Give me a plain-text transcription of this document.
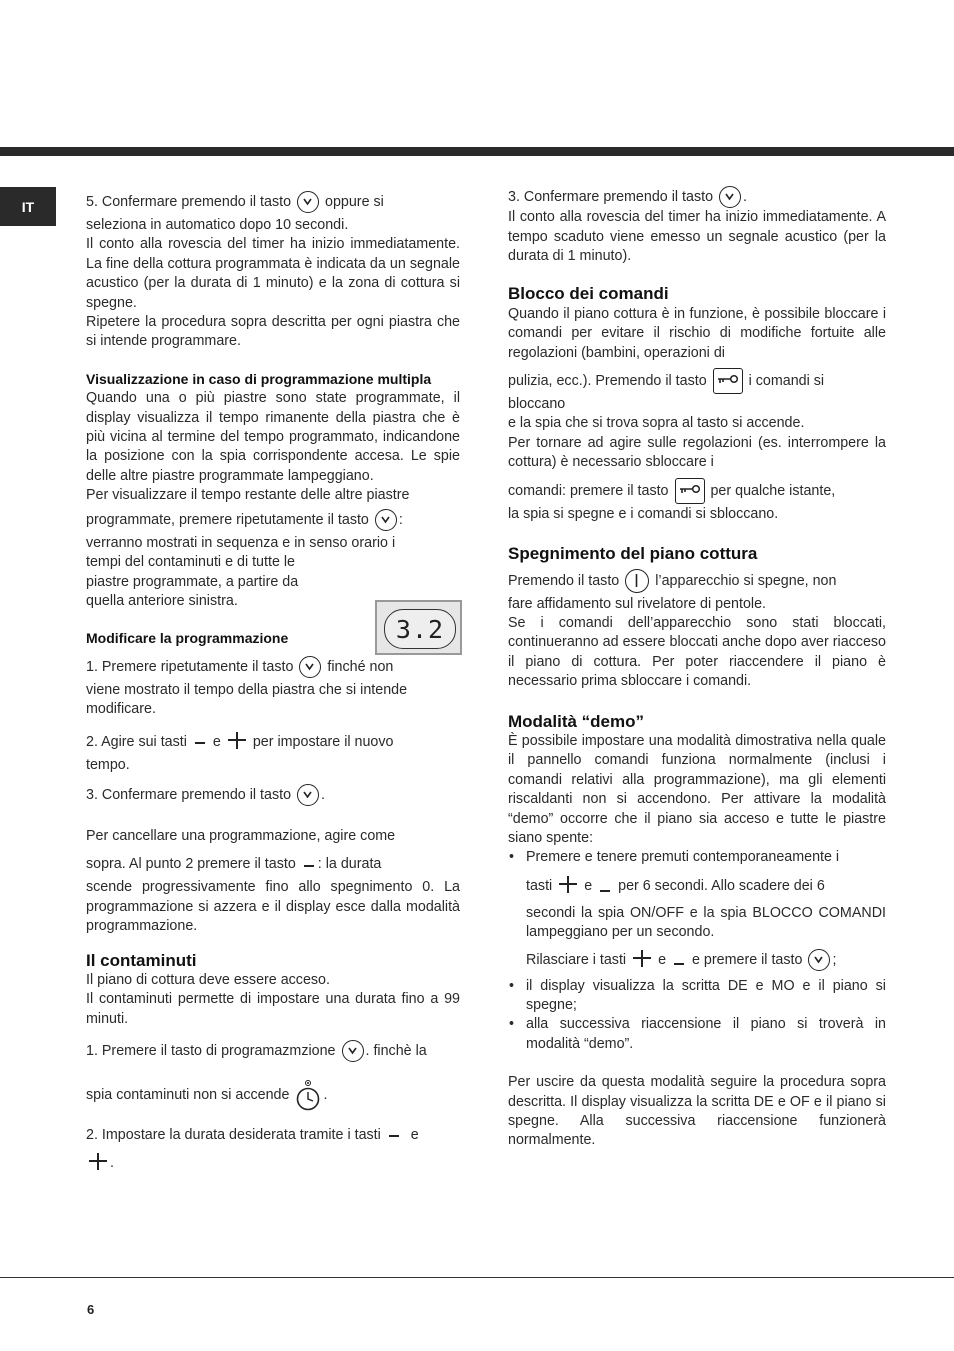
IT	5. Confermare premendo il tasto oppure si

seleziona in automatico dopo 10 secondi.

Il conto alla rovescia del timer ha inizio immediatamente. La fine della cottura programmata è indicata da un segnale acustico (per la durata di 1 minuto) e la zona di cottura si spegne.

Ripetere la procedura sopra descritta per ogni piastra che si intende programmare.

Visualizzazione in caso di programmazione multipla

Quando una o più piastre sono state programmate, il display visualizza il tempo rimanente della piastra che è più vicina al termine del tempo programmato, indicandone la posizione con la spia corrispondente accesa. Le spie delle altre piastre programmate lampeggiano.

Per visualizzare il tempo restante delle altre piastre

programmate, premere ripetutamente il tasto :

verranno mostrati in sequenza e in senso orario i

tempi del contaminuti e di tutte le piastre programmate, a partire da quella anteriore sinistra.

Modificare la programmazione

1. Premere ripetutamente il tasto finché non

viene mostrato il tempo della piastra che si intende modificare.

2. Agire sui tasti e per impostare il nuovo

tempo.

3. Confermare premendo il tasto .

Per cancellare una programmazione, agire come

sopra. Al punto 2 premere il tasto : la durata

scende progressivamente fino allo spegnimento 0. La programmazione si azzera e il display esce dalla modalità programmazione.

Il contaminuti

Il piano di cottura deve essere acceso.

Il contaminuti permette di impostare una durata fino a 99 minuti.

1. Premere il tasto di programazmzione . finchè la

spia contaminuti non si accende .

2. Impostare la durata desiderata tramite i tasti e

.

3.2

3. Confermare premendo il tasto .

Il conto alla rovescia del timer ha inizio immediatamente. A tempo scaduto viene emesso un segnale acustico (per la durata di 1 minuto).

Blocco dei comandi

Quando il piano cottura è in funzione, è possibile bloccare i comandi per evitare il rischio di modifiche fortuite alle regolazioni (bambini, operazioni di

pulizia, ecc.). Premendo il tasto	i comandi si

bloccano

e la spia che si trova sopra al tasto si accende.

Per tornare ad agire sulle regolazioni (es. interrompere la cottura) è necessario sbloccare i

comandi: premere il tasto	per qualche istante,

la spia si spegne e i comandi si sbloccano.

Spegnimento del piano cottura

Premendo il tasto	l’apparecchio si spegne, non

fare affidamento sul rivelatore di pentole.

Se i comandi dell’apparecchio sono stati bloccati, continueranno ad essere bloccati anche dopo aver riacceso il piano di cottura. Per poter riaccendere il piano è necessario prima sbloccare i comandi.

Modalità “demo”

È possibile impostare una modalità dimostrativa nella quale il pannello comandi funziona normalmente (inclusi i comandi relativi alla programmazione), ma gli elementi riscaldanti non si accendono. Per attivare la modalità “demo” occorre che il piano sia acceso e tutte le piastre siano spente:

• Premere e tenere premuti contemporaneamente i
tasti e per 6 secondi. Allo scadere dei 6
secondi la spia ON/OFF e la spia BLOCCO COMANDI lampeggiano per un secondo.
Rilasciare i tasti e e premere il tasto ;
• il display visualizza la scritta DE e MO e il piano si spegne;
• alla successiva riaccensione il piano si troverà in modalità “demo”.

Per uscire da questa modalità seguire la procedura sopra descritta. Il display visualizza la scritta DE e OF e il piano si spegne. Alla successiva riaccensione funzionerà normalmente.

6
